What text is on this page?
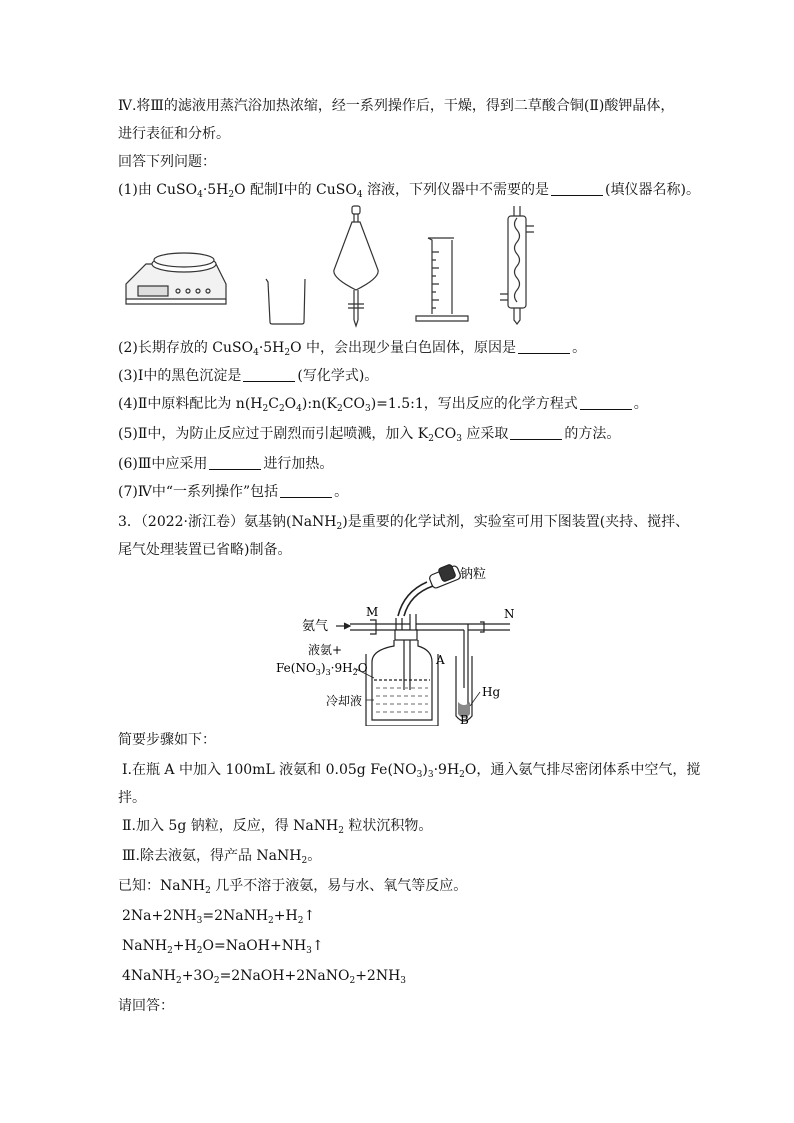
Ⅳ.将Ⅲ的滤液用蒸汽浴加热浓缩，经一系列操作后，干燥，得到二草酸合铜(Ⅱ)酸钾晶体，
进行表征和分析。
回答下列问题：
(1)由 $CuSO_4\cdot 5H_2O$ 配制Ⅰ中的 CuSO$_4$ 溶液，下列仪器中不需要的是	(填仪器名称)。
(2)长期存放的 $CuSO_4\cdot 5H_2O$ 中，会出现少量白色固体，原因是	。
(3)Ⅰ中的黑色沉淀是	(写化学式)。
(4)Ⅱ中原料配比为 $n(H_2C_2O_4):n(K_2CO_3)=1.5:1$，写出反应的化学方程式	。
(5)Ⅱ中，为防止反应过于剧烈而引起喷溅，加入 $K_2CO_3$ 应采取	的方法。
(6)Ⅲ中应采用	进行加热。
(7)Ⅳ中“一系列操作”包括	。
3．（2022·浙江卷）氨基钠(NaNH$_2$)是重要的化学试剂，实验室可用下图装置(夹持、搅拌、
尾气处理装置已省略)制备。
钠粒
氨气
M	N
液氨+
$Fe(NO_3)_3\cdot 9H_2O$
A
Hg
B
冷却液
简要步骤如下：
Ⅰ.在瓶 A 中加入 100mL 液氨和 0.05g $Fe(NO_3)_3\cdot 9H_2O$，通入氨气排尽密闭体系中空气，搅
拌。
Ⅱ.加入 5g 钠粒，反应，得 NaNH$_2$ 粒状沉积物。
Ⅲ.除去液氨，得产品 NaNH$_2$。
已知：NaNH$_2$ 几乎不溶于液氨，易与水、氧气等反应。
$2Na+2NH_3=2NaNH_2+H_2↑$
$NaNH_2+H_2O=NaOH+NH_3↑$
$4NaNH_2+3O_2=2NaOH+2NaNO_2+2NH_3$
请回答：
